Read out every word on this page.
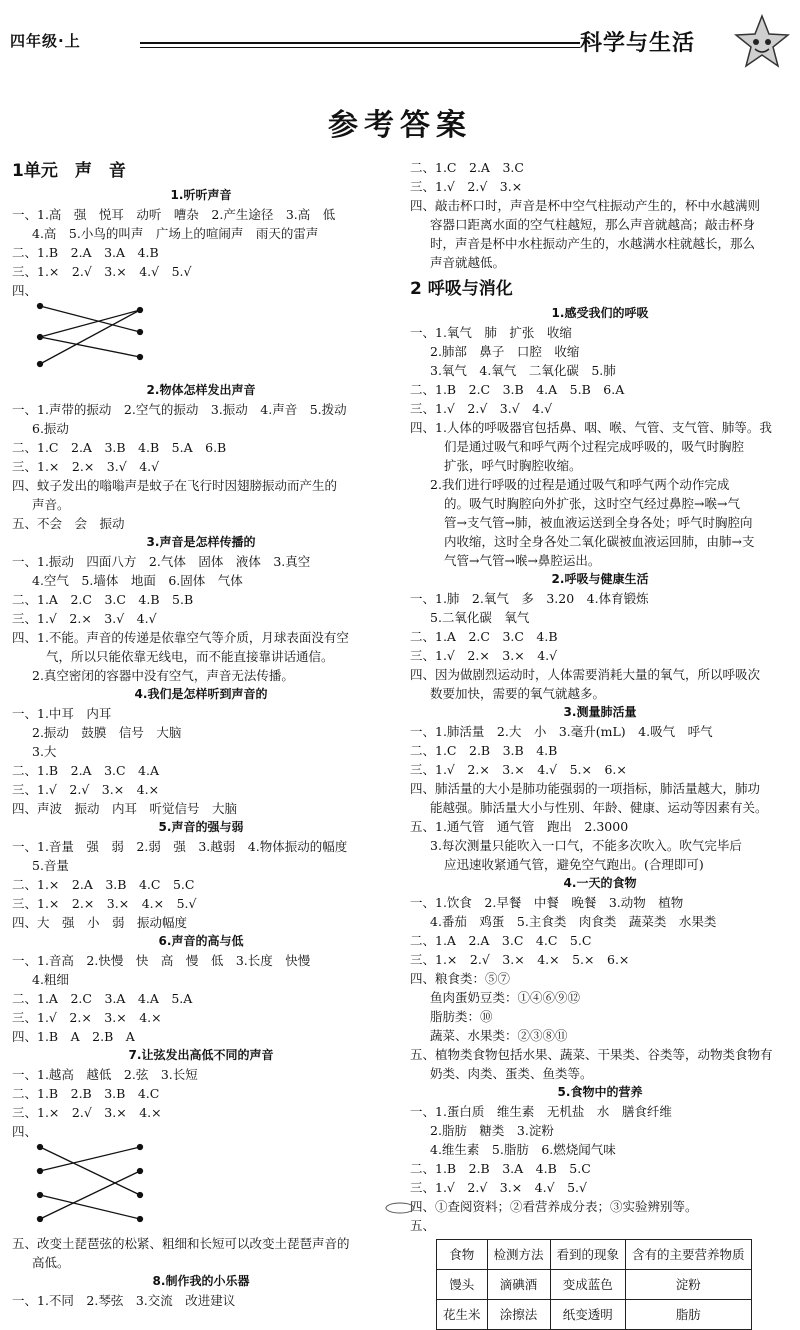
四年级·上	科学与生活
参考答案
1单元　声　音
1.听听声音
一、1.高　强　悦耳　动听　嘈杂　2.产生途径　3.高　低
4.高　5.小鸟的叫声　广场上的喧闹声　雨天的雷声
二、1.B　2.A　3.A　4.B
三、1.×　2.√　3.×　4.√　5.√
四、
2.物体怎样发出声音
一、1.声带的振动　2.空气的振动　3.振动　4.声音　5.拨动
6.振动
二、1.C　2.A　3.B　4.B　5.A　6.B
三、1.×　2.×　3.√　4.√
四、蚊子发出的嗡嗡声是蚊子在飞行时因翅膀振动而产生的
声音。
五、不会　会　振动
3.声音是怎样传播的
一、1.振动　四面八方　2.气体　固体　液体　3.真空
4.空气　5.墙体　地面　6.固体　气体
二、1.A　2.C　3.C　4.B　5.B
三、1.√　2.×　3.√　4.√
四、1.不能。声音的传递是依靠空气等介质，月球表面没有空
气，所以只能依靠无线电，而不能直接靠讲话通信。
2.真空密闭的容器中没有空气，声音无法传播。
4.我们是怎样听到声音的
一、1.中耳　内耳
2.振动　鼓膜　信号　大脑
3.大
二、1.B　2.A　3.C　4.A
三、1.√　2.√　3.×　4.×
四、声波　振动　内耳　听觉信号　大脑
5.声音的强与弱
一、1.音量　强　弱　2.弱　强　3.越弱　4.物体振动的幅度
5.音量
二、1.×　2.A　3.B　4.C　5.C
三、1.×　2.×　3.×　4.×　5.√
四、大　强　小　弱　振动幅度
6.声音的高与低
一、1.音高　2.快慢　快　高　慢　低　3.长度　快慢
4.粗细
二、1.A　2.C　3.A　4.A　5.A
三、1.√　2.×　3.×　4.×
四、1.B　A　2.B　A
7.让弦发出高低不同的声音
一、1.越高　越低　2.弦　3.长短
二、1.B　2.B　3.B　4.C
三、1.×　2.√　3.×　4.×
四、
五、改变土琵琶弦的松紧、粗细和长短可以改变土琵琶声音的
高低。
8.制作我的小乐器
一、1.不同　2.琴弦　3.交流　改进建议
二、1.C　2.A　3.C
三、1.√　2.√　3.×
四、敲击杯口时，声音是杯中空气柱振动产生的，杯中水越满则
容器口距离水面的空气柱越短，那么声音就越高；敲击杯身
时，声音是杯中水柱振动产生的，水越满水柱就越长，那么
声音就越低。
2 呼吸与消化
1.感受我们的呼吸
一、1.氧气　肺　扩张　收缩
2.肺部　鼻子　口腔　收缩
3.氧气　4.氧气　二氧化碳　5.肺
二、1.B　2.C　3.B　4.A　5.B　6.A
三、1.√　2.√　3.√　4.√
四、1.人体的呼吸器官包括鼻、咽、喉、气管、支气管、肺等。我
们是通过吸气和呼气两个过程完成呼吸的，吸气时胸腔
扩张，呼气时胸腔收缩。
2.我们进行呼吸的过程是通过吸气和呼气两个动作完成
的。吸气时胸腔向外扩张，这时空气经过鼻腔→喉→气
管→支气管→肺，被血液运送到全身各处；呼气时胸腔向
内收缩，这时全身各处二氧化碳被血液运回肺，由肺→支
气管→气管→喉→鼻腔运出。
2.呼吸与健康生活
一、1.肺　2.氧气　多　3.20　4.体育锻炼
5.二氧化碳　氧气
二、1.A　2.C　3.C　4.B
三、1.√　2.×　3.×　4.√
四、因为做剧烈运动时，人体需要消耗大量的氧气，所以呼吸次
数要加快，需要的氧气就越多。
3.测量肺活量
一、1.肺活量　2.大　小　3.毫升(mL)　4.吸气　呼气
二、1.C　2.B　3.B　4.B
三、1.√　2.×　3.×　4.√　5.×　6.×
四、肺活量的大小是肺功能强弱的一项指标，肺活量越大，肺功
能越强。肺活量大小与性别、年龄、健康、运动等因素有关。
五、1.通气管　通气管　跑出　2.3000
3.每次测量只能吹入一口气，不能多次吹入。吹气完毕后
应迅速收紧通气管，避免空气跑出。(合理即可)
4.一天的食物
一、1.饮食　2.早餐　中餐　晚餐　3.动物　植物
4.番茄　鸡蛋　5.主食类　肉食类　蔬菜类　水果类
二、1.A　2.A　3.C　4.C　5.C
三、1.×　2.√　3.×　4.×　5.×　6.×
四、粮食类：⑤⑦
鱼肉蛋奶豆类：①④⑥⑨⑫
脂肪类：⑩
蔬菜、水果类：②③⑧⑪
五、植物类食物包括水果、蔬菜、干果类、谷类等，动物类食物有
奶类、肉类、蛋类、鱼类等。
5.食物中的营养
一、1.蛋白质　维生素　无机盐　水　膳食纤维
2.脂肪　糖类　3.淀粉
4.维生素　5.脂肪　6.燃烧闻气味
二、1.B　2.B　3.A　4.B　5.C
三、1.√　2.√　3.×　4.√　5.√
四、①查阅资料；②看营养成分表；③实验辨别等。
五、
食物	检测方法	看到的现象	含有的主要营养物质
馒头	滴碘酒	变成蓝色	淀粉
花生米	涂擦法	纸变透明	脂肪
